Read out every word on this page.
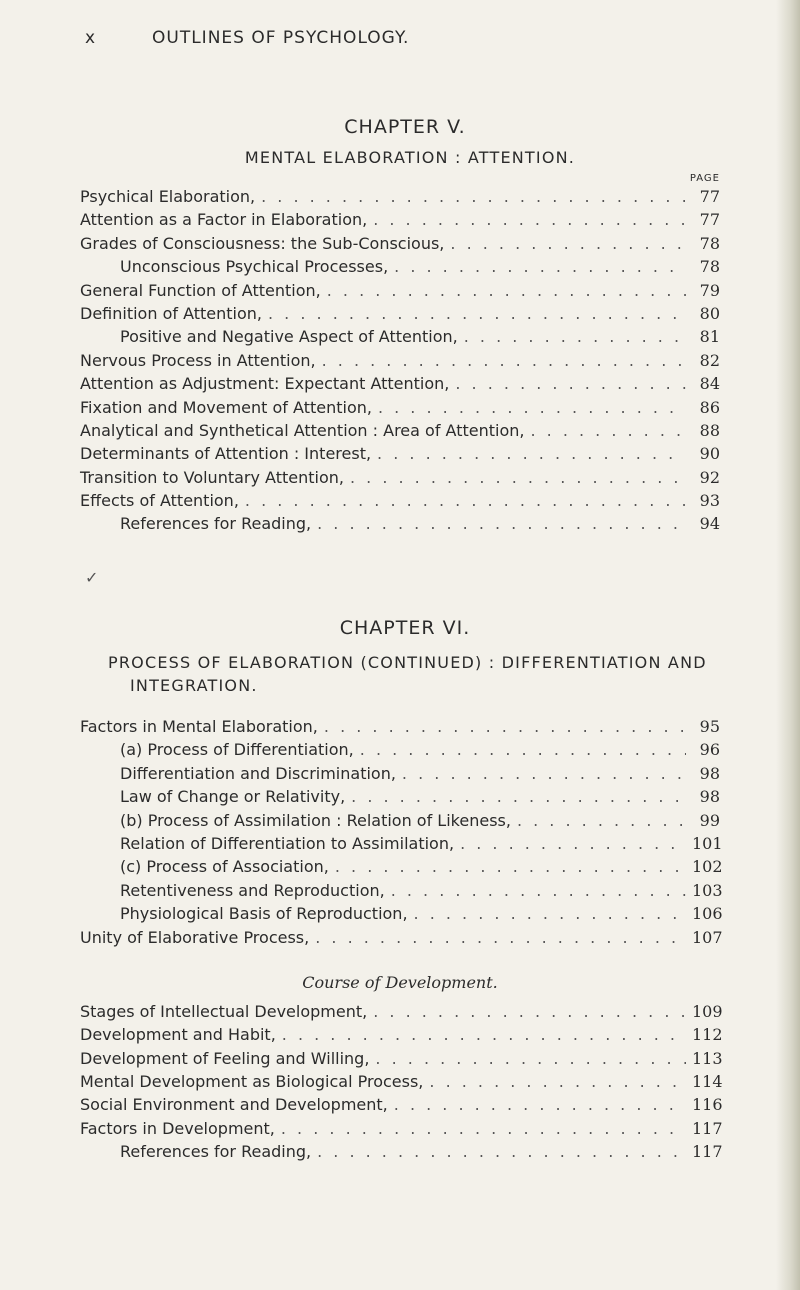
x	OUTLINES OF PSYCHOLOGY.
CHAPTER V.
MENTAL ELABORATION : ATTENTION.
PAGE
Psychical Elaboration, . . .	77
Attention as a Factor in Elaboration, . . .	77
Grades of Consciousness: the Sub-Conscious, . . .	78
Unconscious Psychical Processes, . . .	78
General Function of Attention, . . .	79
Definition of Attention, . . .	80
Positive and Negative Aspect of Attention, . . .	81
Nervous Process in Attention, . . .	82
Attention as Adjustment: Expectant Attention, . . .	84
Fixation and Movement of Attention, . . .	86
Analytical and Synthetical Attention : Area of Attention, . . .	88
Determinants of Attention : Interest, . . .	90
Transition to Voluntary Attention, . . .	92
Effects of Attention, . . .	93
References for Reading, . . .	94
✓
CHAPTER VI.
PROCESS OF ELABORATION (CONTINUED) : DIFFERENTIATION AND
INTEGRATION.
Factors in Mental Elaboration, . . .	95
(a) Process of Differentiation, . . .	96
Differentiation and Discrimination, . . .	98
Law of Change or Relativity, . . .	98
(b) Process of Assimilation : Relation of Likeness, . . .	99
Relation of Differentiation to Assimilation, . . .	101
(c) Process of Association, . . .	102
Retentiveness and Reproduction, . . .	103
Physiological Basis of Reproduction, . . .	106
Unity of Elaborative Process, . . .	107
Course of Development.
Stages of Intellectual Development, . . .	109
Development and Habit, . . .	112
Development of Feeling and Willing, . . .	113
Mental Development as Biological Process, . . .	114
Social Environment and Development, . . .	116
Factors in Development, . . .	117
References for Reading, . . .	117
